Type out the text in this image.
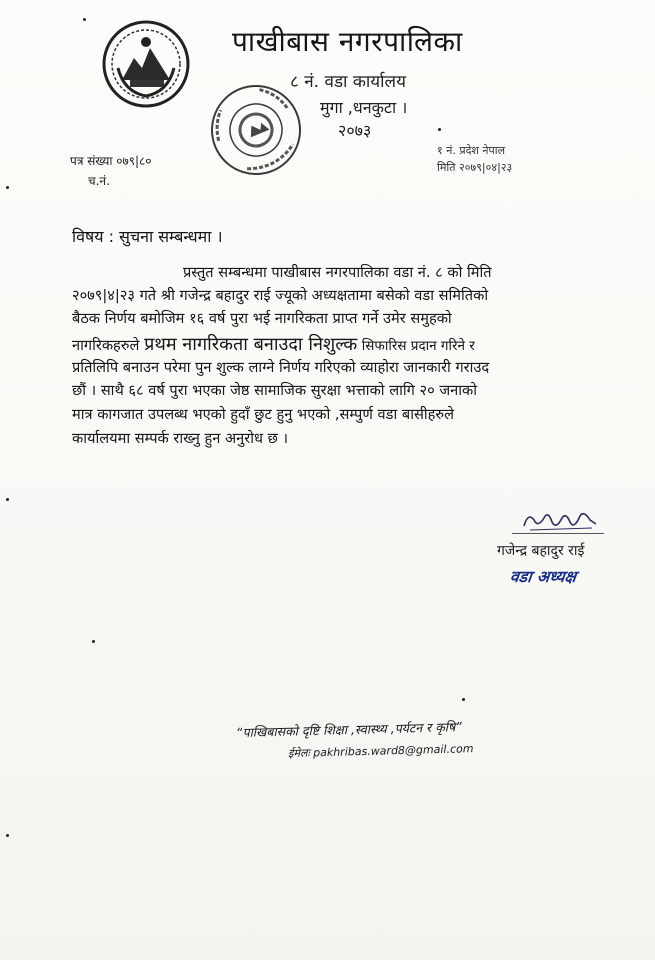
पाखीबास नगरपालिका
८ नं. वडा कार्यालय
मुगा ,धनकुटा ।
२०७३
१ नं. प्रदेश नेपाल
मिति २०७९|०४|२३
पत्र संख्या ०७९|८०
च.नं.
विषय : सुचना सम्बन्धमा ।
प्रस्तुत सम्बन्धमा पाखीबास नगरपालिका वडा नं. ८ को मिति
२०७९|४|२३ गते श्री गजेन्द्र बहादुर राई ज्यूको अध्यक्षतामा बसेको वडा समितिको
बैठक निर्णय बमोजिम १६ वर्ष पुरा भई नागरिकता प्राप्त गर्ने उमेर समुहको
नागरिकहरुले प्रथम नागरिकता बनाउदा निशुल्क सिफारिस प्रदान गरिने र
प्रतिलिपि बनाउन परेमा पुन शुल्क लाग्ने निर्णय गरिएको व्याहोरा जानकारी गराउद
छौं । साथै ६८ वर्ष पुरा भएका जेष्ठ सामाजिक सुरक्षा भत्ताको लागि २० जनाको
मात्र कागजात उपलब्ध भएको हुदाँ छुट हुनु भएको ,सम्पुर्ण वडा बासीहरुले
कार्यालयमा सम्पर्क राख्नु हुन अनुरोध छ ।
गजेन्द्र बहादुर राई
वडा अध्यक्ष
“पाखिबासको दृष्टि शिक्षा ,स्वास्थ्य ,पर्यटन र कृषि”
ईमेलः pakhribas.ward8@gmail.com
